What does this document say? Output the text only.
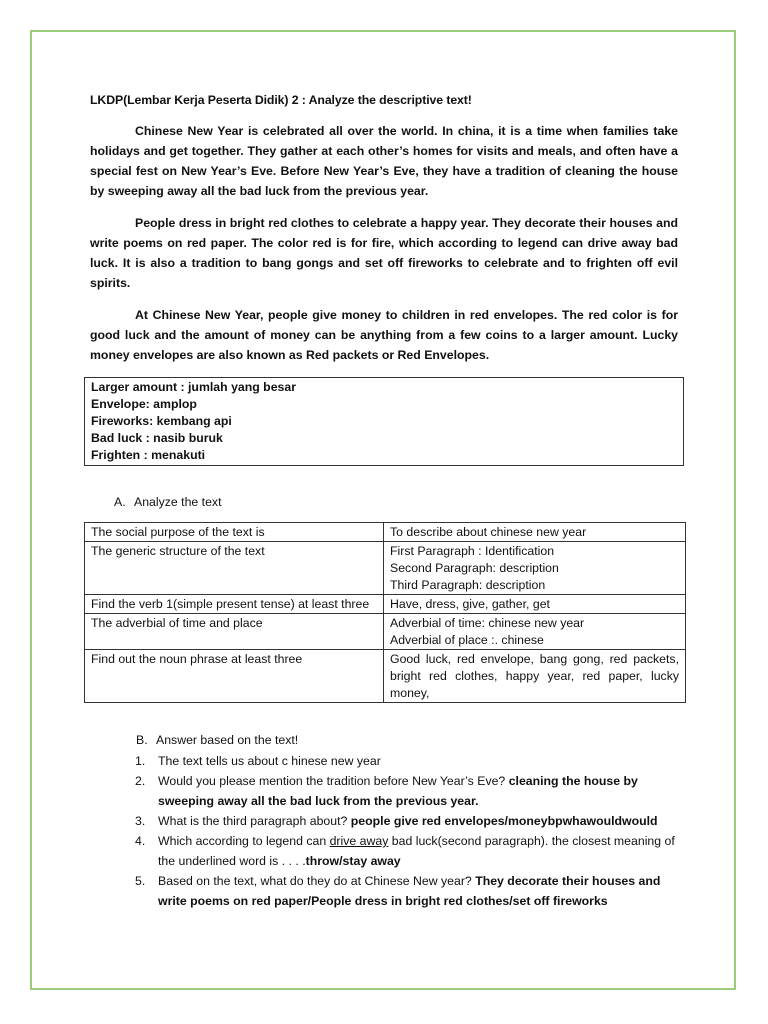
LKDP(Lembar Kerja Peserta Didik) 2 : Analyze the descriptive text!

Chinese New Year is celebrated all over the world. In china, it is a time when families take holidays and get together. They gather at each other’s homes for visits and meals, and often have a special fest on New Year’s Eve. Before New Year’s Eve, they have a tradition of cleaning the house by sweeping away all the bad luck from the previous year.

People dress in bright red clothes to celebrate a happy year. They decorate their houses and write poems on red paper. The color red is for fire, which according to legend can drive away bad luck. It is also a tradition to bang gongs and set off fireworks to celebrate and to frighten off evil spirits.

At Chinese New Year, people give money to children in red envelopes. The red color is for good luck and the amount of money can be anything from a few coins to a larger amount. Lucky money envelopes are also known as Red packets or Red Envelopes.

Larger amount : jumlah yang besar
Envelope: amplop
Fireworks: kembang api
Bad luck : nasib buruk
Frighten : menakuti
A. Analyze the text
The social purpose of the text is	To describe about chinese new year

The generic structure of the text	First Paragraph : Identification
Second Paragraph: description
Third Paragraph: description

Find the verb 1(simple present tense) at least three	Have, dress, give, gather, get

The adverbial of time and place	Adverbial of time: chinese new year
Adverbial of place :. chinese

Find out the noun phrase at least three	Good luck, red envelope, bang gong, red packets, bright red clothes, happy year, red paper, lucky money,
B. Answer based on the text!
1. The text tells us about c hinese new year
2. Would you please mention the tradition before New Year’s Eve? cleaning the house by sweeping away all the bad luck from the previous year.
3. What is the third paragraph about? people give red envelopes/moneybpwhawouldwould
4. Which according to legend can drive away bad luck(second paragraph). the closest meaning of the underlined word is . . . .throw/stay away
5. Based on the text, what do they do at Chinese New year? They decorate their houses and write poems on red paper/People dress in bright red clothes/set off fireworks
